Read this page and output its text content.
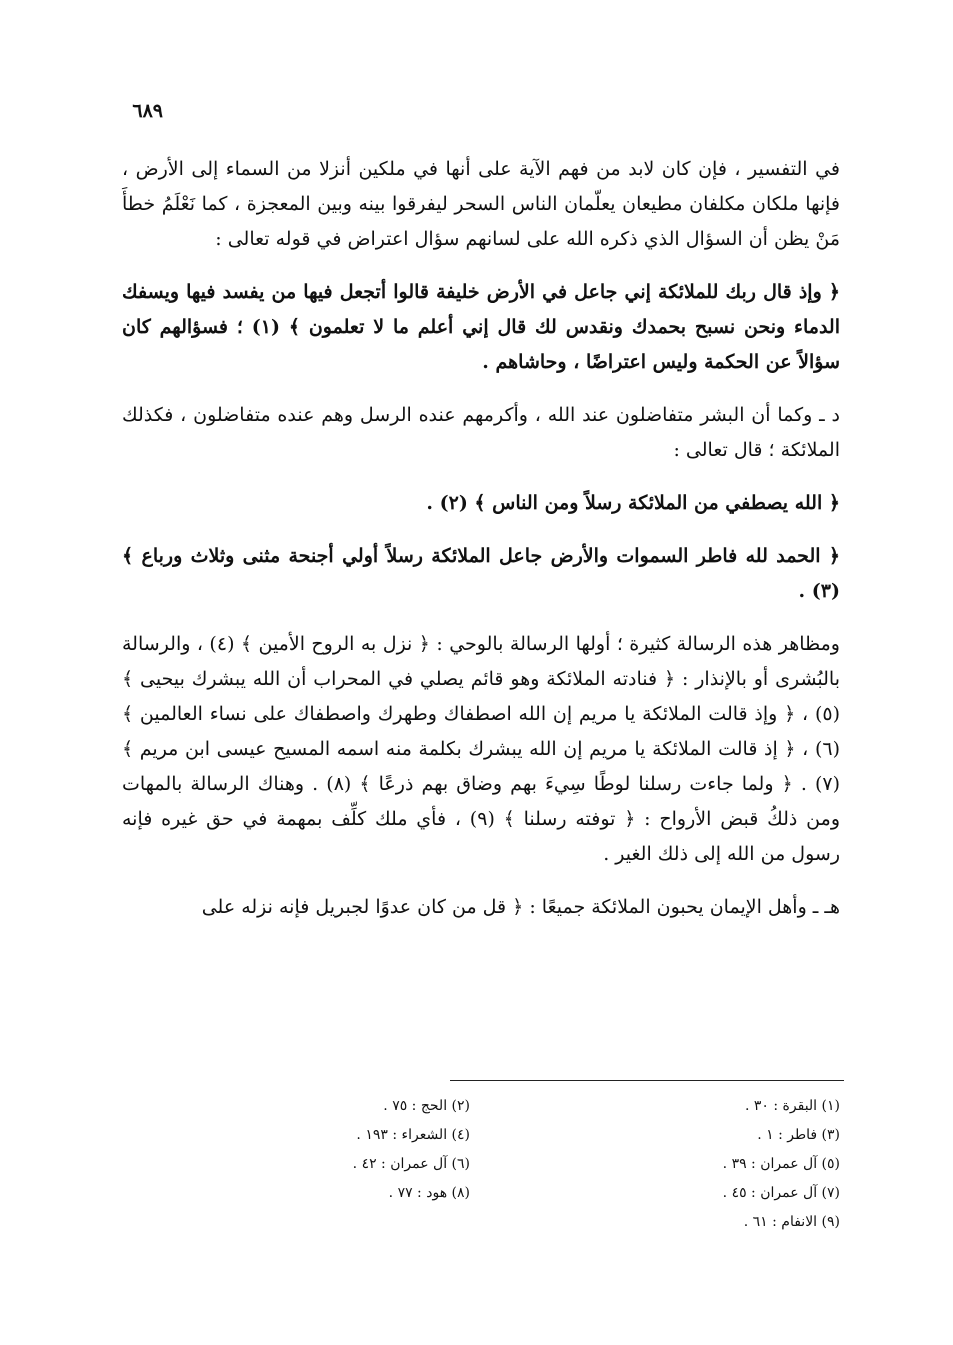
٦٨٩

في التفسير ، فإن كان لابد من فهم الآية على أنها في ملكين أنزلا من السماء إلى الأرض ، فإنها ملكان مكلفان مطيعان يعلّمان الناس السحر ليفرقوا بينه وبين المعجزة ، كما نَعْلَمُ خطأَ مَنْ يظن أن السؤال الذي ذكره الله على لسانهم سؤال اعتراض في قوله تعالى :

﴿ وإذ قال ربك للملائكة إني جاعل في الأرض خليفة قالوا أتجعل فيها من يفسد فيها ويسفك الدماء ونحن نسبح بحمدك ونقدس لك قال إني أعلم ما لا تعلمون ﴾ (١) ؛ فسؤالهم كان سؤالاً عن الحكمة وليس اعتراضًا ، وحاشاهم .

د ـ وكما أن البشر متفاضلون عند الله ، وأكرمهم عنده الرسل وهم عنده متفاضلون ، فكذلك الملائكة ؛ قال تعالى :

﴿ الله يصطفي من الملائكة رسلاً ومن الناس ﴾ (٢) .

﴿ الحمد لله فاطر السموات والأرض جاعل الملائكة رسلاً أولي أجنحة مثنى وثلاث ورباع ﴾ (٣) .

ومظاهر هذه الرسالة كثيرة ؛ أولها الرسالة بالوحي : ﴿ نزل به الروح الأمين ﴾ (٤) ، والرسالة بالبُشرى أو بالإنذار : ﴿ فنادته الملائكة وهو قائم يصلي في المحراب أن الله يبشرك بيحيى ﴾ (٥) ، ﴿ وإذ قالت الملائكة يا مريم إن الله اصطفاك وطهرك واصطفاك على نساء العالمين ﴾ (٦) ، ﴿ إذ قالت الملائكة يا مريم إن الله يبشرك بكلمة منه اسمه المسيح عيسى ابن مريم ﴾ (٧) . ﴿ ولما جاءت رسلنا لوطًا سِيءَ بهم وضاق بهم ذرعًا ﴾ (٨) . وهناك الرسالة بالمهات ومن ذلكُ قبض الأرواح : ﴿ توفته رسلنا ﴾ (٩) ، فأي ملك كلِّف بمهمة في حق غيره فإنه رسول من الله إلى ذلك الغير .

هـ ـ وأهل الإيمان يحبون الملائكة جميعًا : ﴿ قل من كان عدوًا لجبريل فإنه نزله على

(١) البقرة : ٣٠ .
(٢) الحج : ٧٥ .
(٣) فاطر : ١ .
(٤) الشعراء : ١٩٣ .
(٥) آل عمران : ٣٩ .
(٦) آل عمران : ٤٢ .
(٧) آل عمران : ٤٥ .
(٨) هود : ٧٧ .
(٩) الانفام : ٦١ .
